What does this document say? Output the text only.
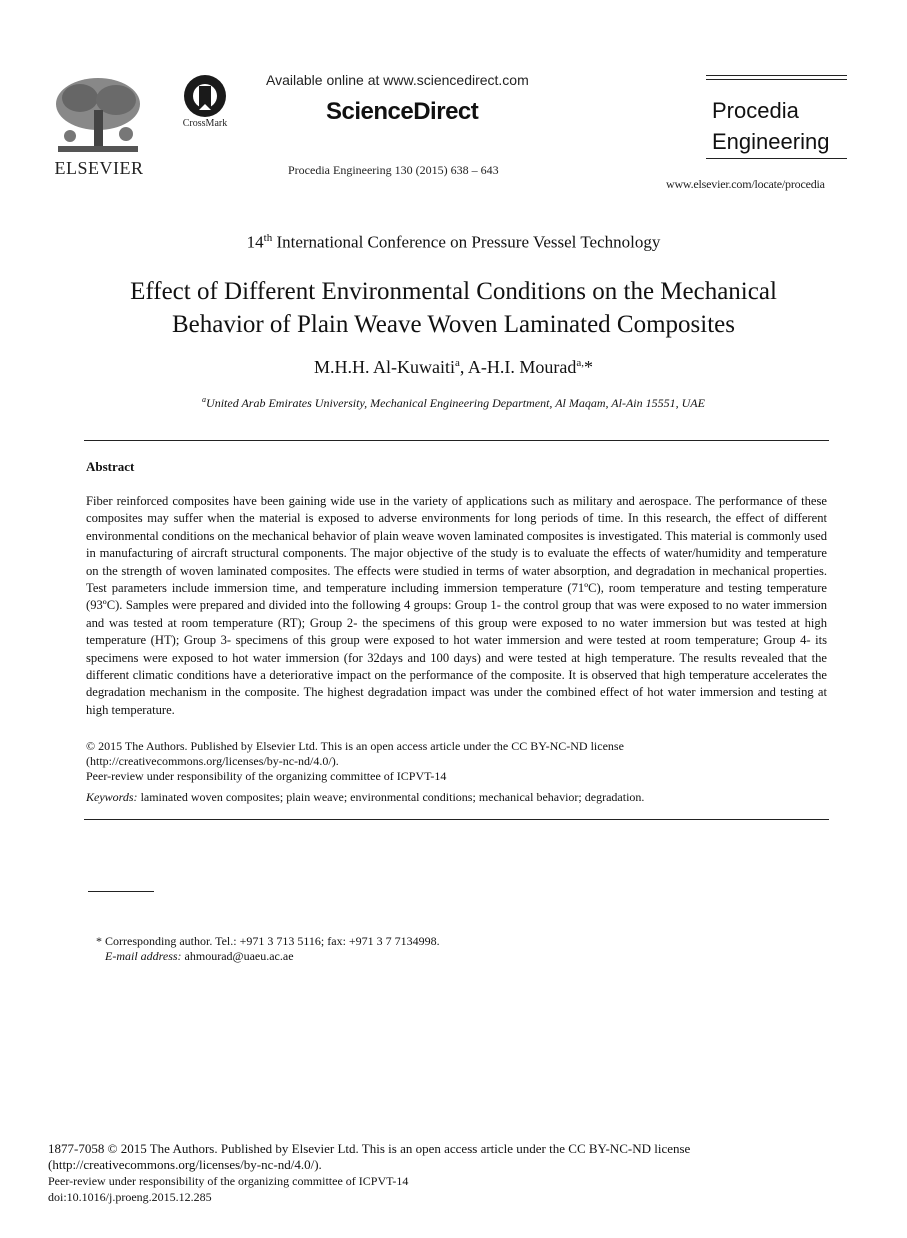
ELSEVIER
CrossMark
Available online at www.sciencedirect.com
ScienceDirect
Procedia Engineering 130 (2015) 638 – 643
Procedia
Engineering
www.elsevier.com/locate/procedia
14th International Conference on Pressure Vessel Technology
Effect of Different Environmental Conditions on the Mechanical
Behavior of Plain Weave Woven Laminated Composites
M.H.H. Al-Kuwaiti$^a$, A-H.I. Mourad$^{a,}$*
$^a$United Arab Emirates University, Mechanical Engineering Department, Al Maqam, Al-Ain 15551, UAE
Abstract
Fiber reinforced composites have been gaining wide use in the variety of applications such as military and aerospace. The performance of these composites may suffer when the material is exposed to adverse environments for long periods of time. In this research, the effect of different environmental conditions on the mechanical behavior of plain weave woven laminated composites is investigated. This material is commonly used in manufacturing of aircraft structural components. The major objective of the study is to evaluate the effects of water/humidity and temperature on the strength of woven laminated composites. The effects were studied in terms of water absorption, and degradation in mechanical properties. Test parameters include immersion time, and temperature including immersion temperature (71ºC), room temperature and testing temperature (93ºC). Samples were prepared and divided into the following 4 groups: Group 1- the control group that was were exposed to no water immersion and was tested at room temperature (RT); Group 2- the specimens of this group were exposed to no water immersion but was tested at high temperature (HT); Group 3- specimens of this group were exposed to hot water immersion and were tested at room temperature; Group 4- its specimens were exposed to hot water immersion (for 32days and 100 days) and were tested at high temperature. The results revealed that the different climatic conditions have a deteriorative impact on the performance of the composite. It is observed that high temperature accelerates the degradation mechanism in the composite. The highest degradation impact was under the combined effect of hot water immersion and testing at high temperature.
© 2015 The Authors. Published by Elsevier Ltd. This is an open access article under the CC BY-NC-ND license
(http://creativecommons.org/licenses/by-nc-nd/4.0/).
Peer-review under responsibility of the organizing committee of ICPVT-14
Keywords: laminated woven composites; plain weave; environmental conditions; mechanical behavior; degradation.
* Corresponding author. Tel.: +971 3 713 5116; fax: +971 3 7 7134998.
E-mail address: ahmourad@uaeu.ac.ae
1877-7058 © 2015 The Authors. Published by Elsevier Ltd. This is an open access article under the CC BY-NC-ND license
(http://creativecommons.org/licenses/by-nc-nd/4.0/).
Peer-review under responsibility of the organizing committee of ICPVT-14
doi:10.1016/j.proeng.2015.12.285
